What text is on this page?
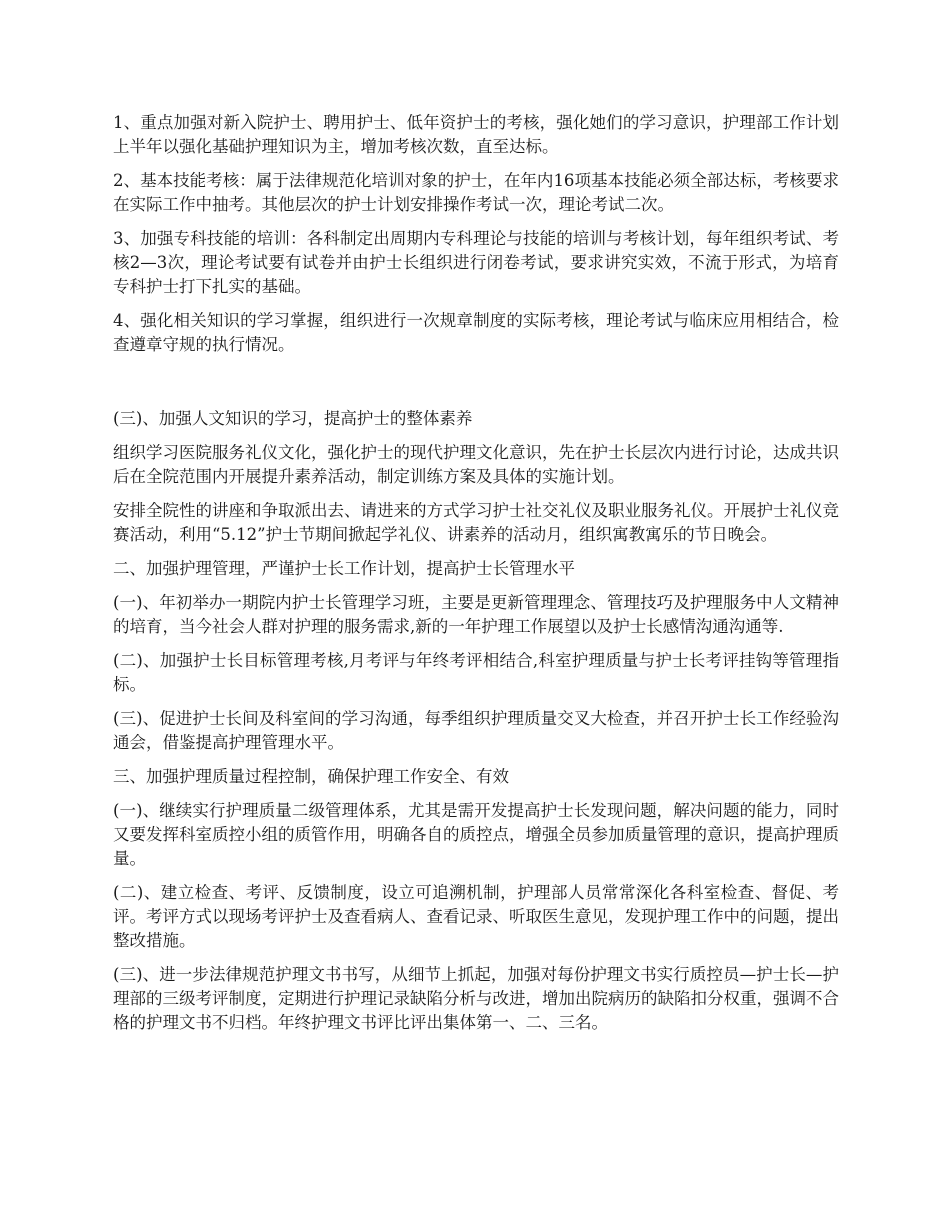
1、重点加强对新入院护士、聘用护士、低年资护士的考核，强化她们的学习意识，护理部工作计划上半年以强化基础护理知识为主，增加考核次数，直至达标。

2、基本技能考核：属于法律规范化培训对象的护士，在年内16项基本技能必须全部达标，考核要求在实际工作中抽考。其他层次的护士计划安排操作考试一次，理论考试二次。

3、加强专科技能的培训：各科制定出周期内专科理论与技能的培训与考核计划，每年组织考试、考核2—3次，理论考试要有试卷并由护士长组织进行闭卷考试，要求讲究实效，不流于形式，为培育专科护士打下扎实的基础。

4、强化相关知识的学习掌握，组织进行一次规章制度的实际考核，理论考试与临床应用相结合，检查遵章守规的执行情况。

(三)、加强人文知识的学习，提高护士的整体素养

组织学习医院服务礼仪文化，强化护士的现代护理文化意识，先在护士长层次内进行讨论，达成共识后在全院范围内开展提升素养活动，制定训练方案及具体的实施计划。

安排全院性的讲座和争取派出去、请进来的方式学习护士社交礼仪及职业服务礼仪。开展护士礼仪竞赛活动，利用“5.12”护士节期间掀起学礼仪、讲素养的活动月，组织寓教寓乐的节日晚会。

二、加强护理管理，严谨护士长工作计划，提高护士长管理水平

(一)、年初举办一期院内护士长管理学习班，主要是更新管理理念、管理技巧及护理服务中人文精神的培育，当今社会人群对护理的服务需求,新的一年护理工作展望以及护士长感情沟通沟通等.

(二)、加强护士长目标管理考核,月考评与年终考评相结合,科室护理质量与护士长考评挂钩等管理指标。

(三)、促进护士长间及科室间的学习沟通，每季组织护理质量交叉大检查，并召开护士长工作经验沟通会，借鉴提高护理管理水平。

三、加强护理质量过程控制，确保护理工作安全、有效

(一)、继续实行护理质量二级管理体系，尤其是需开发提高护士长发现问题，解决问题的能力，同时又要发挥科室质控小组的质管作用，明确各自的质控点，增强全员参加质量管理的意识，提高护理质量。

(二)、建立检查、考评、反馈制度，设立可追溯机制，护理部人员常常深化各科室检查、督促、考评。考评方式以现场考评护士及查看病人、查看记录、听取医生意见，发现护理工作中的问题，提出整改措施。

(三)、进一步法律规范护理文书书写，从细节上抓起，加强对每份护理文书实行质控员—护士长—护理部的三级考评制度，定期进行护理记录缺陷分析与改进，增加出院病历的缺陷扣分权重，强调不合格的护理文书不归档。年终护理文书评比评出集体第一、二、三名。
